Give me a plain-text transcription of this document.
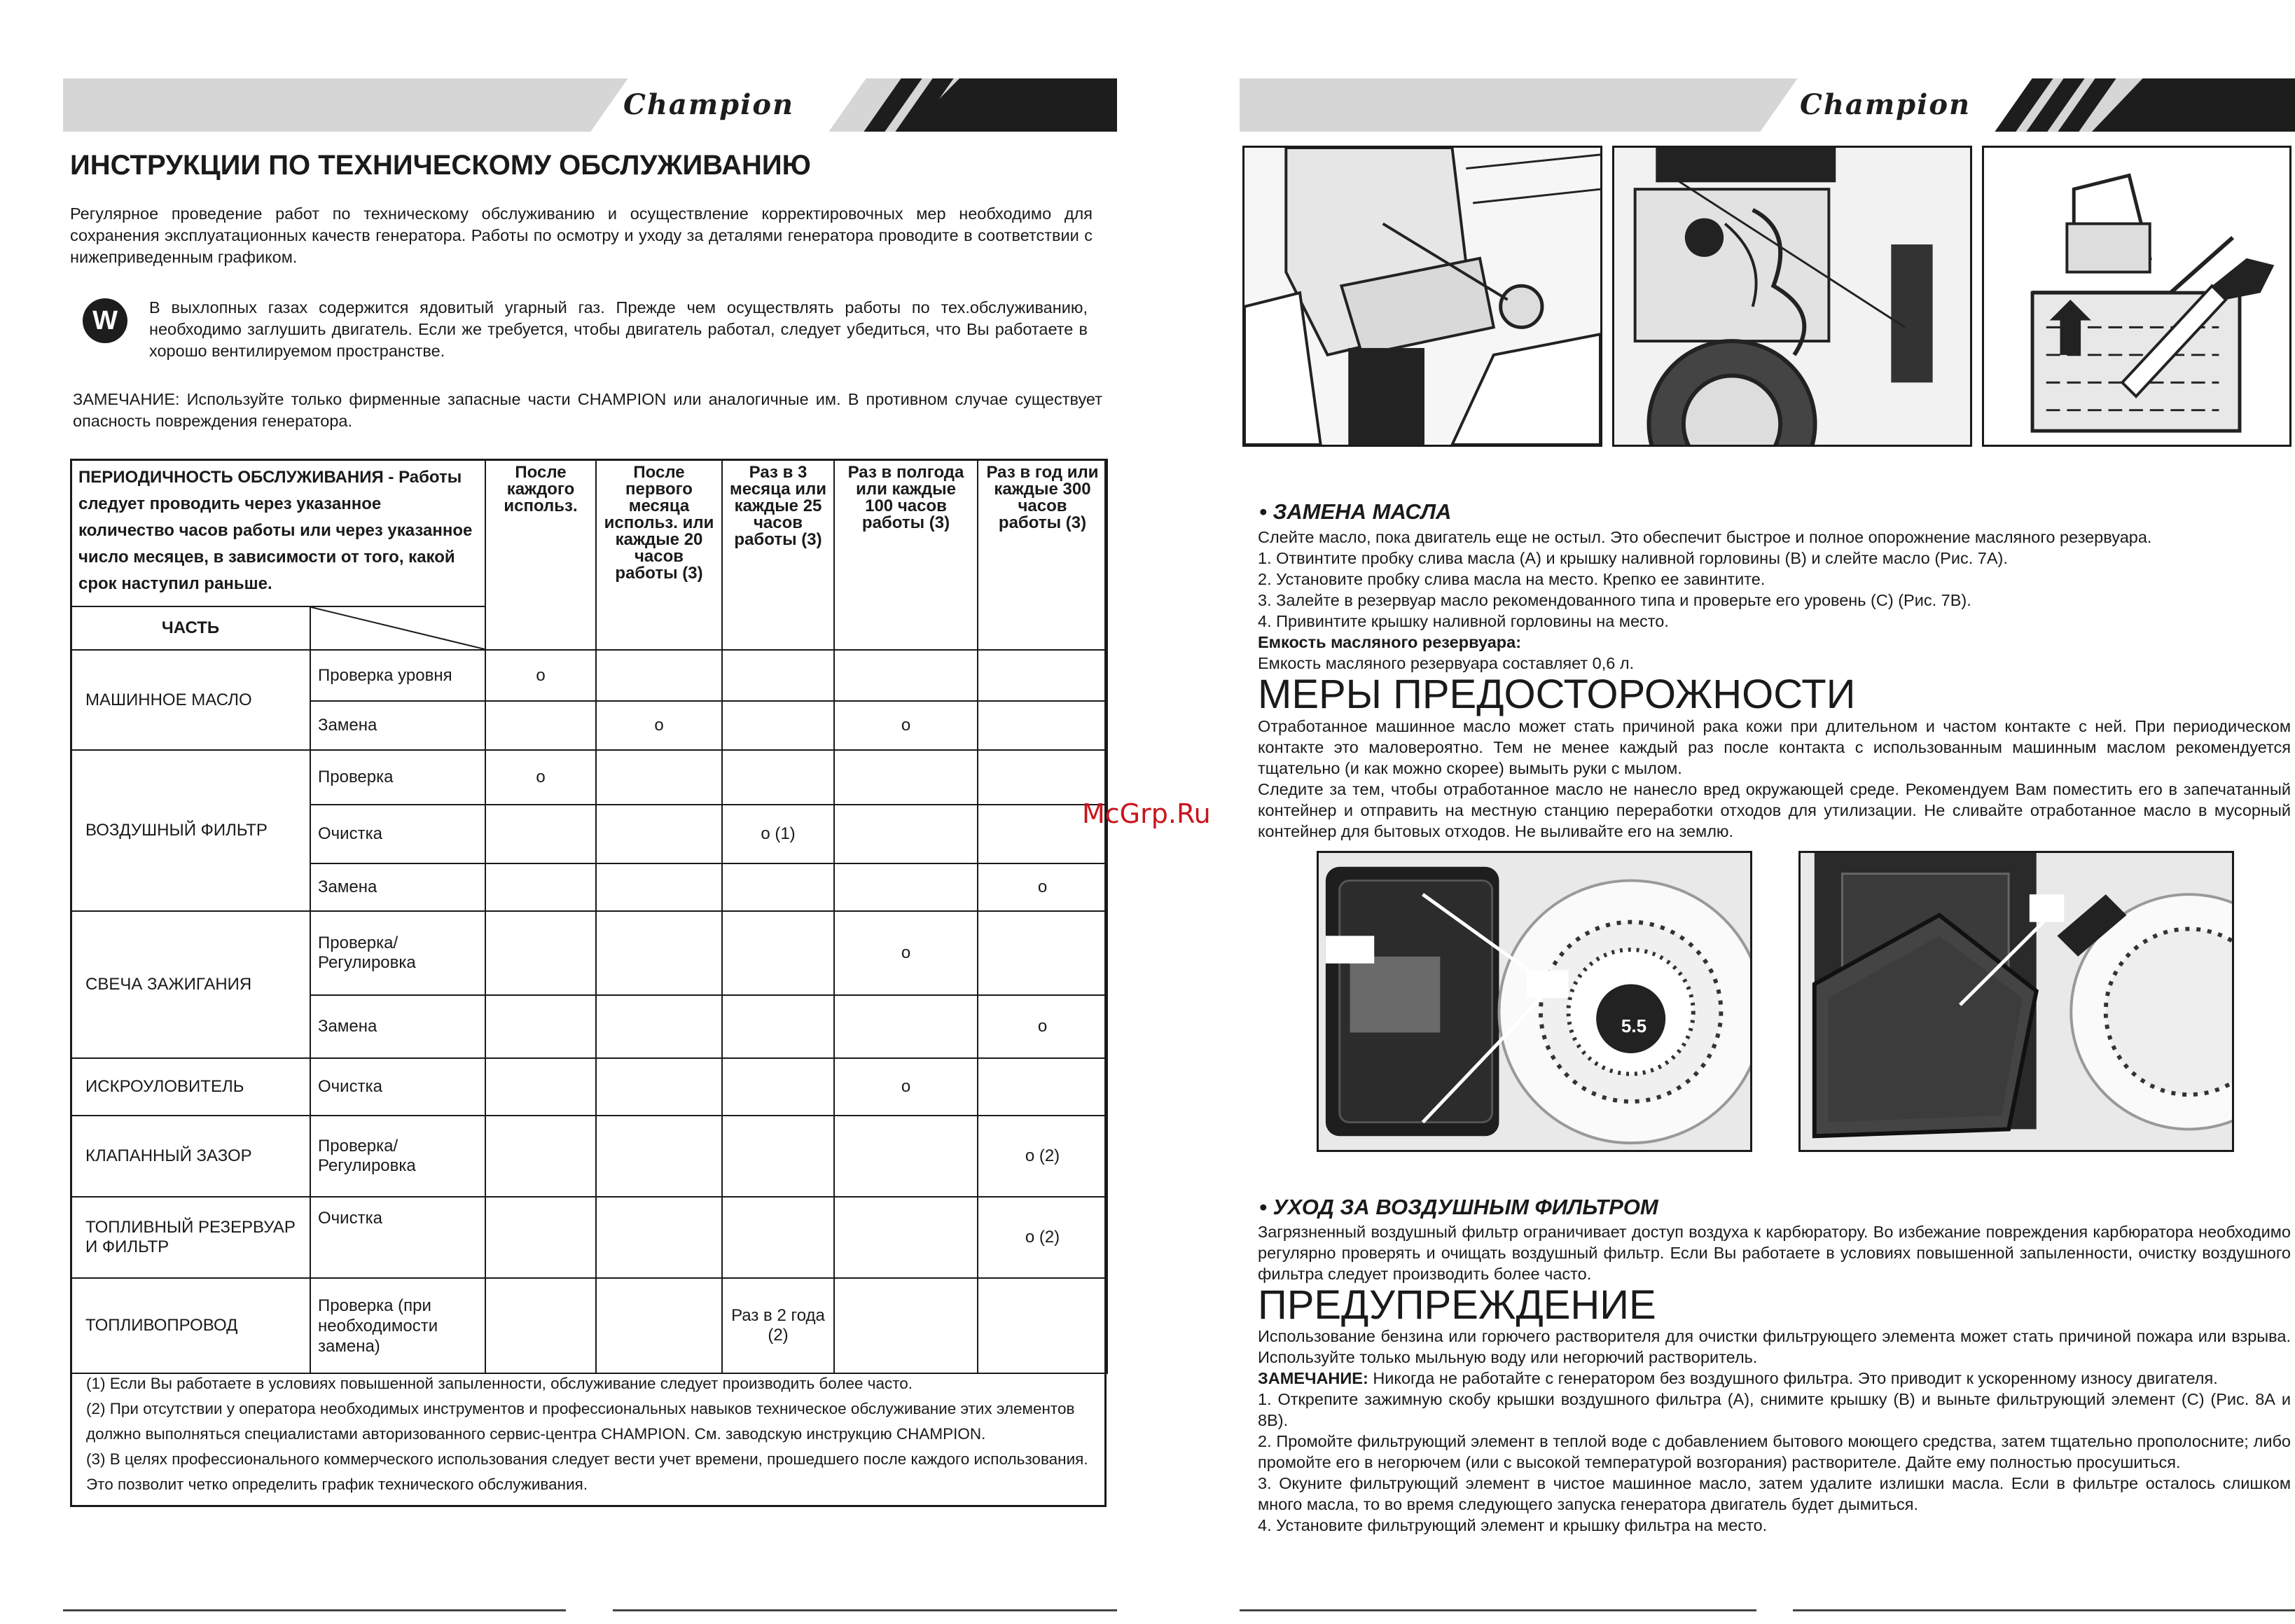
Champion
ИНСТРУКЦИИ ПО ТЕХНИЧЕСКОМУ ОБСЛУЖИВАНИЮ
Регулярное проведение работ по техническому обслуживанию и осуществление корректировочных мер необходимо для сохранения эксплуатационных качеств генератора. Работы по осмотру и уходу за деталями генератора проводите в соответствии с нижеприведенным графиком.
W	В выхлопных газах содержится ядовитый угарный газ. Прежде чем осуществлять работы по тех.обслуживанию, необходимо заглушить двигатель. Если же требуется, чтобы двигатель работал, следует убедиться, что Вы работаете в хорошо вентилируемом пространстве.
ЗАМЕЧАНИЕ: Используйте только фирменные запасные части CHAMPION или аналогичные им. В противном случае существует опасность повреждения генератора.
ПЕРИОДИЧНОСТЬ ОБСЛУЖИВАНИЯ - Работы следует проводить через указанное количество часов работы или через указанное число месяцев, в зависимости от того, какой срок наступил раньше.		После каждого использ.	После первого месяца использ. или каждые 20 часов работы (3)	Раз в 3 месяца или каждые 25 часов работы (3)	Раз в полгода или каждые 100 часов работы (3)	Раз в год или каждые 300 часов работы (3)
ЧАСТЬ	

МАШИННОЕ МАСЛО	Проверка уровня	o				
	Замена		o		o	
ВОЗДУШНЫЙ ФИЛЬТР	Проверка	o				
	Очистка			o (1)		
	Замена					o
СВЕЧА ЗАЖИГАНИЯ	Проверка/ Регулировка				o	
	Замена					o
ИСКРОУЛОВИТЕЛЬ	Очистка				o	
КЛАПАННЫЙ ЗАЗОР	Проверка/ Регулировка					o (2)
ТОПЛИВНЫЙ РЕЗЕРВУАР И ФИЛЬТР	Очистка					o (2)
ТОПЛИВОПРОВОД	Проверка (при необходимости замена)			Раз в 2 года (2)		
(1) Если Вы работаете в условиях повышенной запыленности, обслуживание следует производить более часто.
(2) При отсутствии у оператора необходимых инструментов и профессиональных навыков техническое обслуживание этих элементов должно выполняться специалистами авторизованного сервис-центра CHAMPION. См. заводскую инструкцию CHAMPION.
(3) В целях профессионального коммерческого использования следует вести учет времени, прошедшего после каждого использования. Это позволит четко определить график технического обслуживания.
Champion
• ЗАМЕНА МАСЛА

Слейте масло, пока двигатель еще не остыл. Это обеспечит быстрое и полное опорожнение масляного резервуара.

1. Отвинтите пробку слива масла (А) и крышку наливной горловины (В) и слейте масло (Рис. 7А).

2. Установите пробку слива масла на место. Крепко ее завинтите.

3. Залейте в резервуар масло рекомендованного типа и проверьте его уровень (С) (Рис. 7В).

4. Привинтите крышку наливной горловины на место.

Емкость масляного резервуара:

Емкость масляного резервуара составляет 0,6 л.

МЕРЫ ПРЕДОСТОРОЖНОСТИ

Отработанное машинное масло может стать причиной рака кожи при длительном и частом контакте с ней. При периодическом контакте это маловероятно. Тем не менее каждый раз после контакта с использованным машинным маслом рекомендуется тщательно (и как можно скорее) вымыть руки с мылом.

Следите за тем, чтобы отработанное масло не нанесло вред окружающей среде. Рекомендуем Вам поместить его в запечатанный контейнер и отправить на местную станцию переработки отходов для утилизации. Не сливайте отработанное масло в мусорный контейнер для бытовых отходов. Не выливайте его на землю.

McGrp.Ru
5.5
• УХОД ЗА ВОЗДУШНЫМ ФИЛЬТРОМ
Загрязненный воздушный фильтр ограничивает доступ воздуха к карбюратору. Во избежание повреждения карбюратора необходимо регулярно проверять и очищать воздушный фильтр. Если Вы работаете в условиях повышенной запыленности, очистку воздушного фильтра следует производить более часто.
ПРЕДУПРЕЖДЕНИЕ

Использование бензина или горючего растворителя для очистки фильтрующего элемента может стать причиной пожара или взрыва. Используйте только мыльную воду или негорючий растворитель.

ЗАМЕЧАНИЕ: Никогда не работайте с генератором без воздушного фильтра. Это приводит к ускоренному износу двигателя.

1. Открепите зажимную скобу крышки воздушного фильтра (А), снимите крышку (В) и выньте фильтрующий элемент (С) (Рис. 8А и 8В).

2. Промойте фильтрующий элемент в теплой воде с добавлением бытового моющего средства, затем тщательно прополосните; либо промойте его в негорючем (или с высокой температурой возгорания) растворителе. Дайте ему полностью просушиться.

3. Окуните фильтрующий элемент в чистое машинное масло, затем удалите излишки масла. Если в фильтре осталось слишком много масла, то во время следующего запуска генератора двигатель будет дымиться.

4. Установите фильтрующий элемент и крышку фильтра на место.
